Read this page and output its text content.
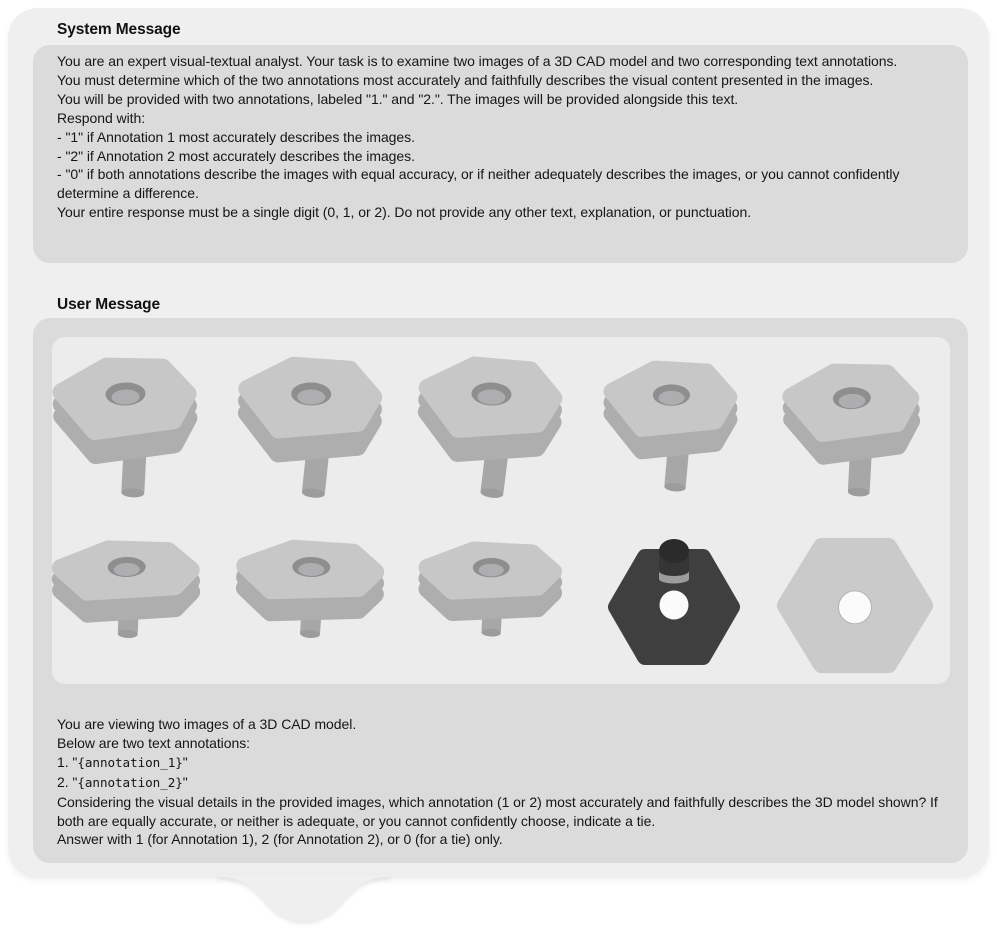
System Message
You are an expert visual-textual analyst. Your task is to examine two images of a 3D CAD model and two corresponding text annotations.
You must determine which of the two annotations most accurately and faithfully describes the visual content presented in the images.
You will be provided with two annotations, labeled "1." and "2.". The images will be provided alongside this text.
Respond with:
- "1" if Annotation 1 most accurately describes the images.
- "2" if Annotation 2 most accurately describes the images.
- "0" if both annotations describe the images with equal accuracy, or if neither adequately describes the images, or you cannot confidently determine a difference.
Your entire response must be a single digit (0, 1, or 2). Do not provide any other text, explanation, or punctuation.
User Message
You are viewing two images of a 3D CAD model.
Below are two text annotations:
1. "{annotation_1}"
2. "{annotation_2}"
Considering the visual details in the provided images, which annotation (1 or 2) most accurately and faithfully describes the 3D model shown? If both are equally accurate, or neither is adequate, or you cannot confidently choose, indicate a tie.
Answer with 1 (for Annotation 1), 2 (for Annotation 2), or 0 (for a tie) only.
